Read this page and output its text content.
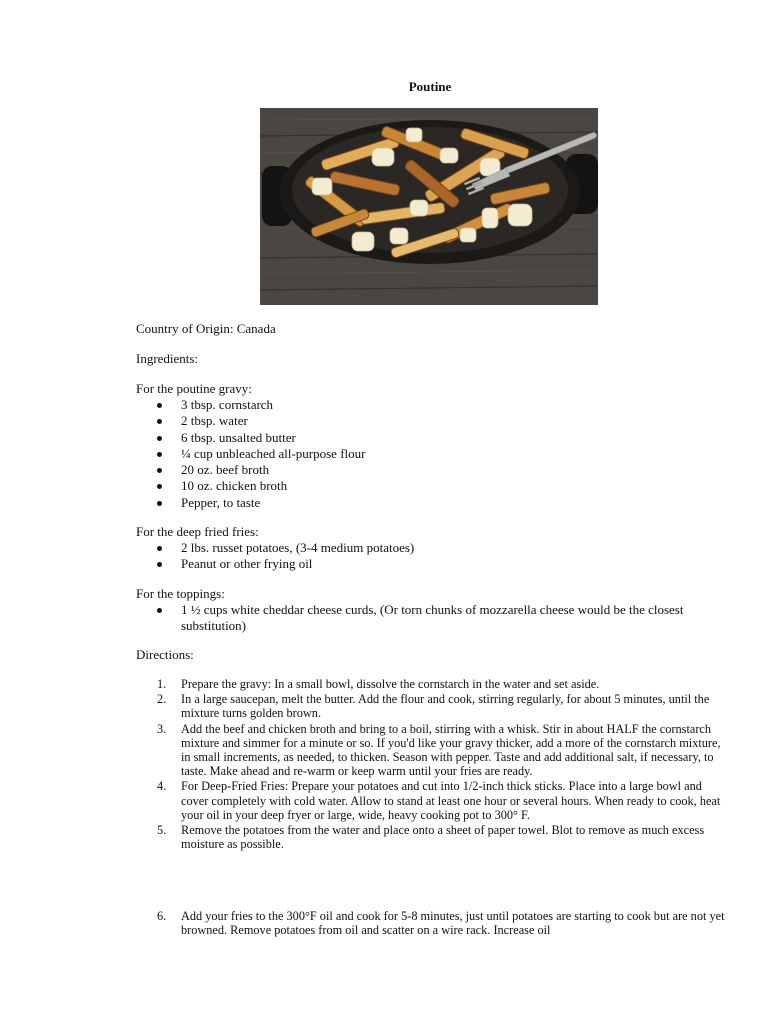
Poutine
Country of Origin: Canada
Ingredients:
For the poutine gravy:
3 tbsp. cornstarch
2 tbsp. water
6 tbsp. unsalted butter
¼ cup unbleached all-purpose flour
20 oz. beef broth
10 oz. chicken broth
Pepper, to taste
For the deep fried fries:
2 lbs. russet potatoes, (3-4 medium potatoes)
Peanut or other frying oil
For the toppings:
1 ½ cups white cheddar cheese curds, (Or torn chunks of mozzarella cheese would be the closest substitution)
Directions:
1. Prepare the gravy: In a small bowl, dissolve the cornstarch in the water and set aside.
2. In a large saucepan, melt the butter. Add the flour and cook, stirring regularly, for about 5 minutes, until the mixture turns golden brown.
3. Add the beef and chicken broth and bring to a boil, stirring with a whisk. Stir in about HALF the cornstarch mixture and simmer for a minute or so. If you'd like your gravy thicker, add a more of the cornstarch mixture, in small increments, as needed, to thicken. Season with pepper. Taste and add additional salt, if necessary, to taste. Make ahead and re-warm or keep warm until your fries are ready.
4. For Deep-Fried Fries: Prepare your potatoes and cut into 1/2-inch thick sticks. Place into a large bowl and cover completely with cold water. Allow to stand at least one hour or several hours. When ready to cook, heat your oil in your deep fryer or large, wide, heavy cooking pot to 300° F.
5. Remove the potatoes from the water and place onto a sheet of paper towel. Blot to remove as much excess moisture as possible.
6. Add your fries to the 300°F oil and cook for 5-8 minutes, just until potatoes are starting to cook but are not yet browned. Remove potatoes from oil and scatter on a wire rack. Increase oil
